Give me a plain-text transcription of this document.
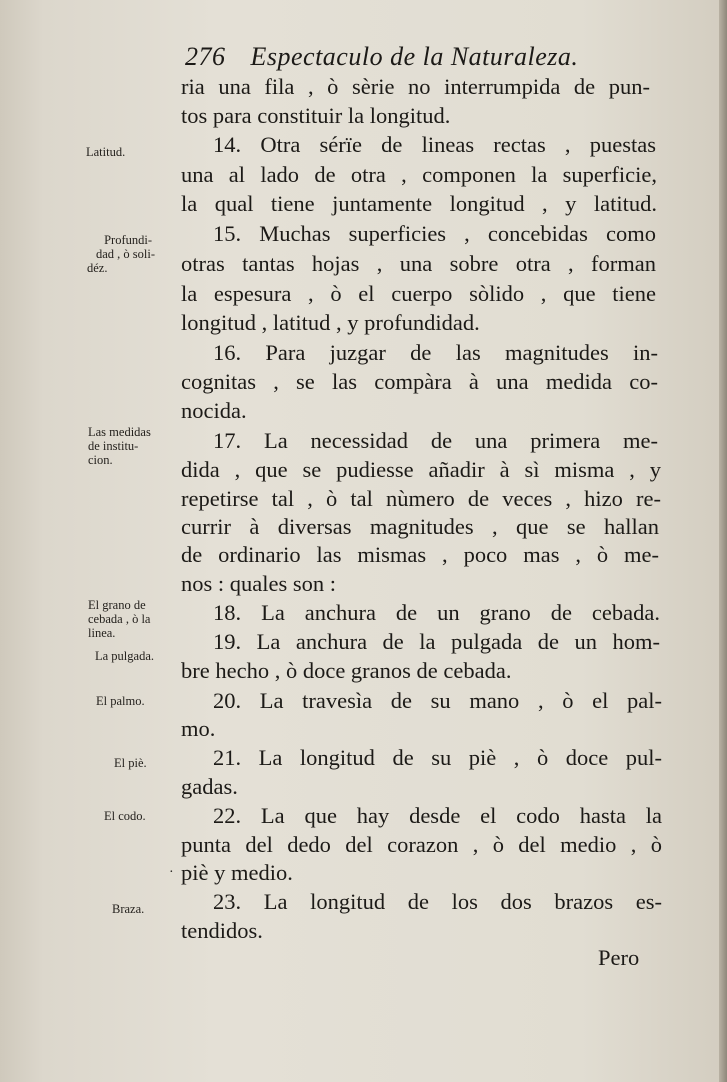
276 Espectaculo de la Naturaleza.
ria una fila , ò sèrie no interrumpida de pun-
tos para constituir la longitud.
14. Otra sérïe de lineas rectas , puestas
una al lado de otra , componen la superficie,
la qual tiene juntamente longitud , y latitud.
15. Muchas superficies , concebidas como
otras tantas hojas , una sobre otra , forman
la espesura , ò el cuerpo sòlido , que tiene
longitud , latitud , y profundidad.
16. Para juzgar de las magnitudes in-
cognitas , se las compàra à una medida co-
nocida.
17. La necessidad de una primera me-
dida , que se pudiesse añadir à sì misma , y
repetirse tal , ò tal nùmero de veces , hizo re-
currir à diversas magnitudes , que se hallan
de ordinario las mismas , poco mas , ò me-
nos : quales son :
18. La anchura de un grano de cebada.
19. La anchura de la pulgada de un hom-
bre hecho , ò doce granos de cebada.
20. La travesìa de su mano , ò el pal-
mo.
21. La longitud de su piè , ò doce pul-
gadas.
22. La que hay desde el codo hasta la
punta del dedo del corazon , ò del medio , ò
piè y medio.
23. La longitud de los dos brazos es-
tendidos.
Pero
Latitud.
Profundi-
dad , ò soli-
déz.
Las medidas
de institu-
cion.
El grano de
cebada , ò la
linea.
La pulgada.
El palmo.
El piè.
El codo.
Braza.
·
